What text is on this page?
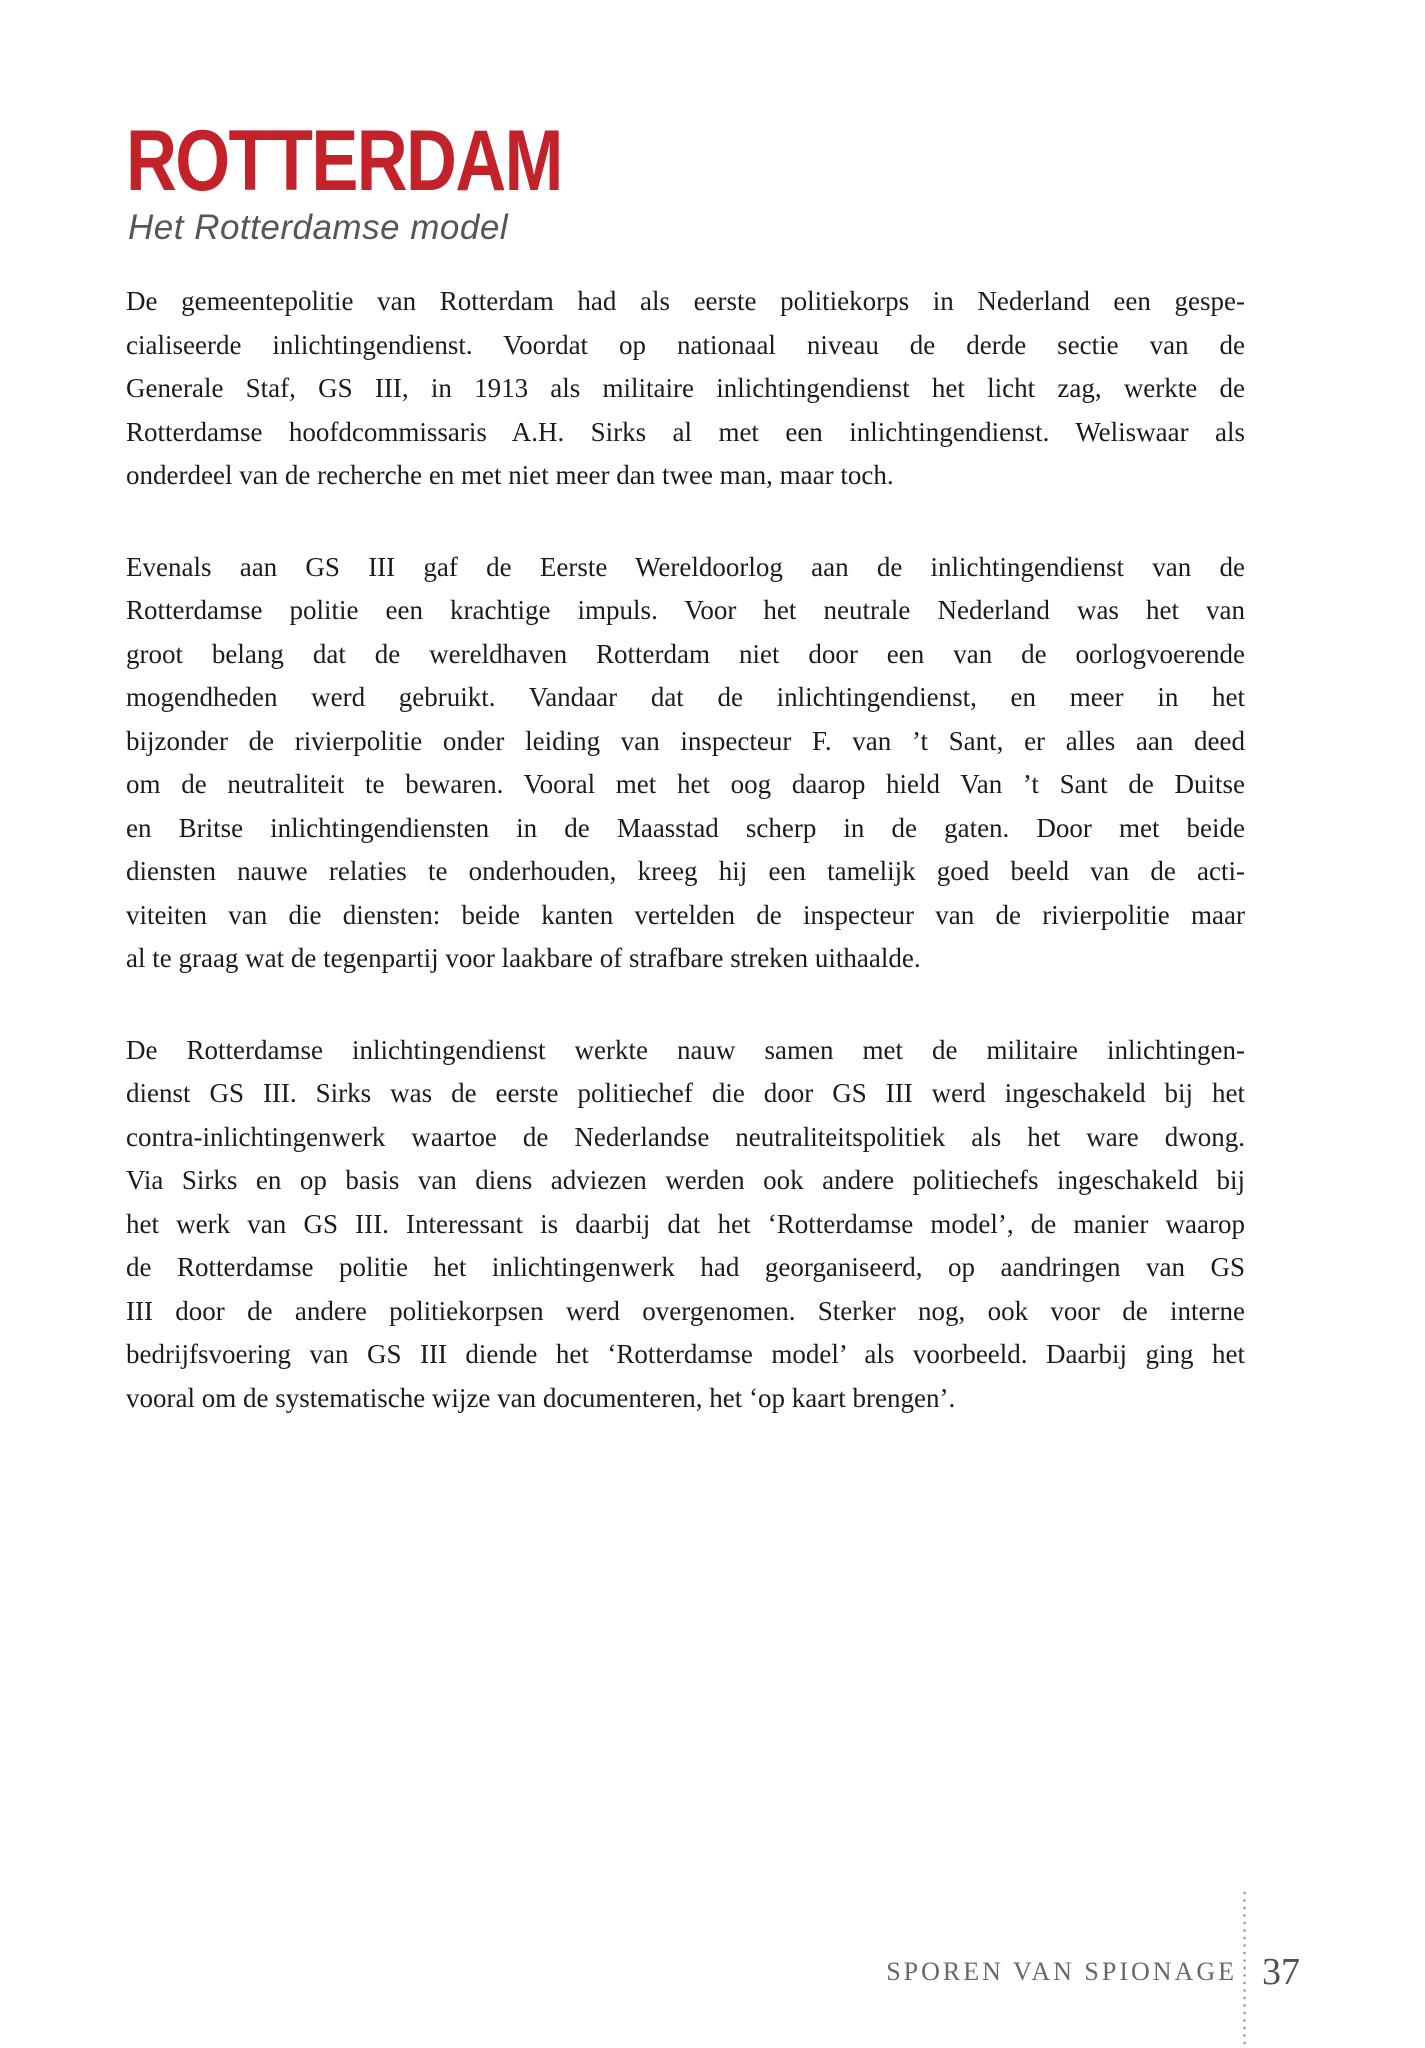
ROTTERDAM
Het Rotterdamse model
De gemeentepolitie van Rotterdam had als eerste politiekorps in Nederland een gespe-
cialiseerde inlichtingendienst. Voordat op nationaal niveau de derde sectie van de
Generale Staf, GS III, in 1913 als militaire inlichtingendienst het licht zag, werkte de
Rotterdamse hoofdcommissaris A.H. Sirks al met een inlichtingendienst. Weliswaar als
onderdeel van de recherche en met niet meer dan twee man, maar toch.
Evenals aan GS III gaf de Eerste Wereldoorlog aan de inlichtingendienst van de
Rotterdamse politie een krachtige impuls. Voor het neutrale Nederland was het van
groot belang dat de wereldhaven Rotterdam niet door een van de oorlogvoerende
mogendheden werd gebruikt. Vandaar dat de inlichtingendienst, en meer in het
bijzonder de rivierpolitie onder leiding van inspecteur F. van ’t Sant, er alles aan deed
om de neutraliteit te bewaren. Vooral met het oog daarop hield Van ’t Sant de Duitse
en Britse inlichtingendiensten in de Maasstad scherp in de gaten. Door met beide
diensten nauwe relaties te onderhouden, kreeg hij een tamelijk goed beeld van de acti-
viteiten van die diensten: beide kanten vertelden de inspecteur van de rivierpolitie maar
al te graag wat de tegenpartij voor laakbare of strafbare streken uithaalde.
De Rotterdamse inlichtingendienst werkte nauw samen met de militaire inlichtingen-
dienst GS III. Sirks was de eerste politiechef die door GS III werd ingeschakeld bij het
contra-inlichtingenwerk waartoe de Nederlandse neutraliteitspolitiek als het ware dwong.
Via Sirks en op basis van diens adviezen werden ook andere politiechefs ingeschakeld bij
het werk van GS III. Interessant is daarbij dat het ‘Rotterdamse model’, de manier waarop
de Rotterdamse politie het inlichtingenwerk had georganiseerd, op aandringen van GS
III door de andere politiekorpsen werd overgenomen. Sterker nog, ook voor de interne
bedrijfsvoering van GS III diende het ‘Rotterdamse model’ als voorbeeld. Daarbij ging het
vooral om de systematische wijze van documenteren, het ‘op kaart brengen’.
SPOREN VAN SPIONAGE 37
